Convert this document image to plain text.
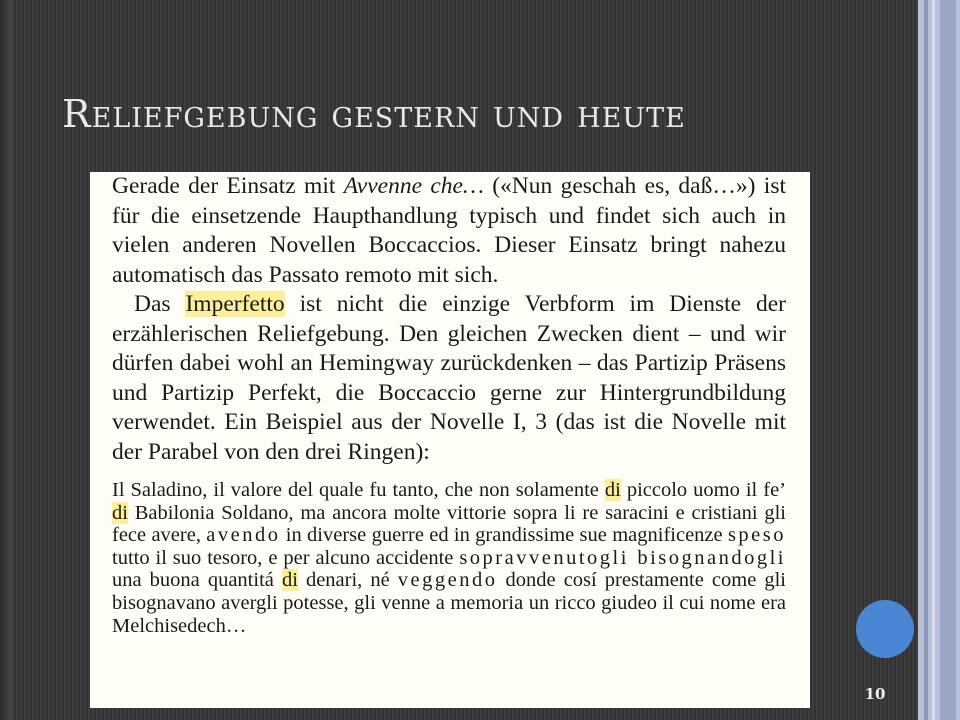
Reliefgebung gestern und heute

Gerade der Einsatz mit Avvenne che… («Nun geschah es, daß…») ist für die einsetzende Haupthandlung typisch und findet sich auch in vielen anderen Novellen Boccaccios. Dieser Einsatz bringt nahezu automatisch das Passato remoto mit sich.

Das Imperfetto ist nicht die einzige Verbform im Dienste der erzählerischen Reliefgebung. Den gleichen Zwecken dient – und wir dürfen dabei wohl an Hemingway zurückdenken – das Partizip Präsens und Partizip Perfekt, die Boccaccio gerne zur Hintergrundbildung verwendet. Ein Beispiel aus der Novelle I, 3 (das ist die Novelle mit der Parabel von den drei Ringen):

Il Saladino, il valore del quale fu tanto, che non solamente di piccolo uomo il fe’ di Babilonia Soldano, ma ancora molte vittorie sopra li re saracini e cristiani gli fece avere, avendo in diverse guerre ed in grandissime sue magnificenze speso tutto il suo tesoro, e per alcuno accidente sopravvenutogli bisognandogli una buona quantitá di denari, né veggendo donde cosí prestamente come gli bisognavano avergli potesse, gli venne a memoria un ricco giudeo il cui nome era Melchisedech…

10
